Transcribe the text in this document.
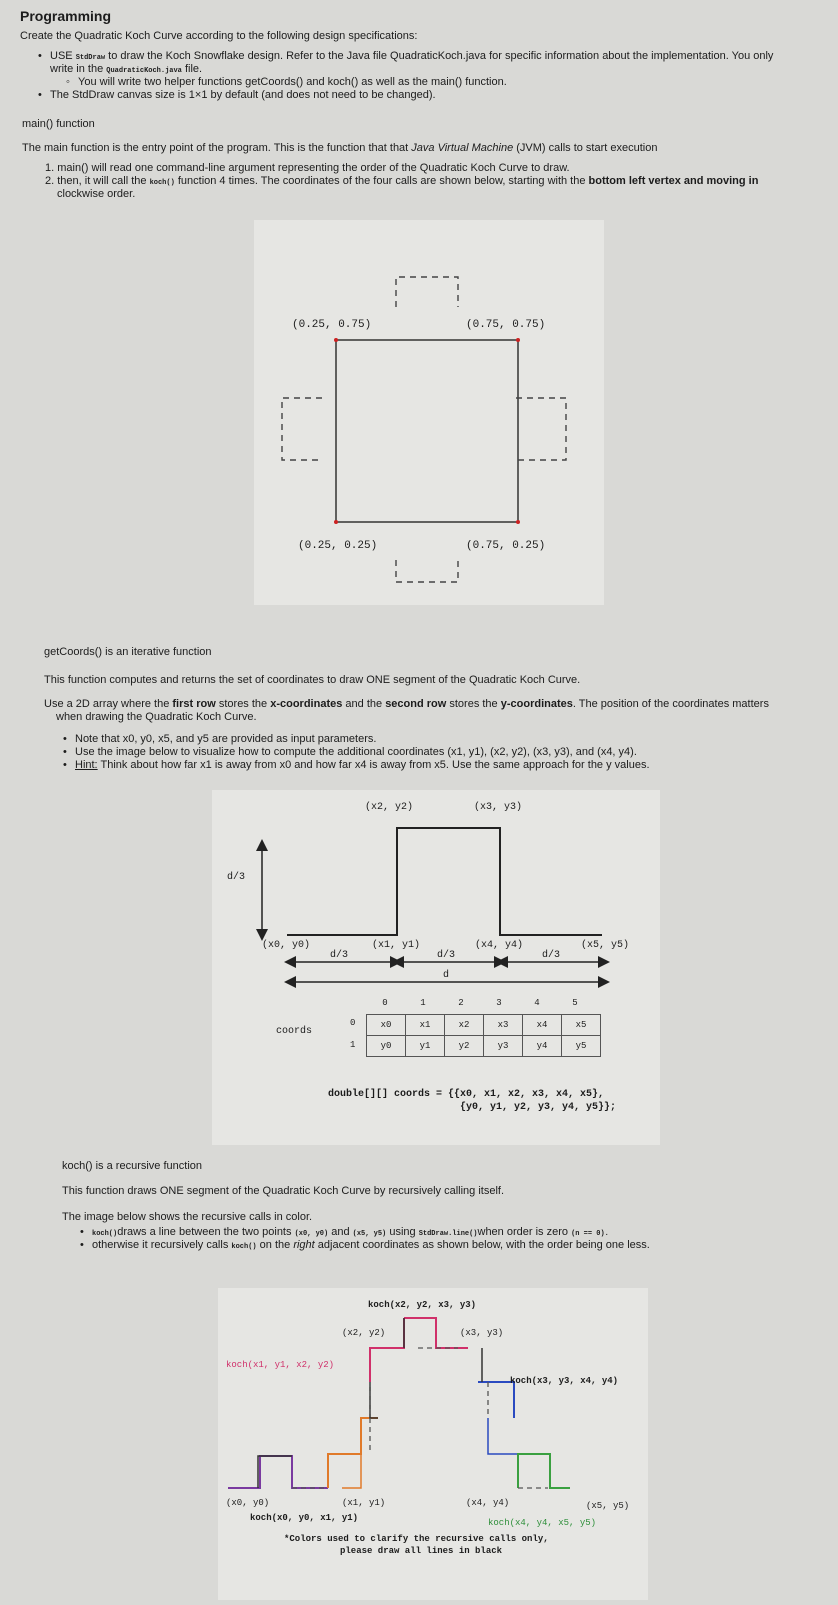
Programming
Create the Quadratic Koch Curve according to the following design specifications:
• USE StdDraw to draw the Koch Snowflake design. Refer to the Java file QuadraticKoch.java for specific information about the implementation. You only
write in the QuadraticKoch.java file.
◦ You will write two helper functions getCoords() and koch() as well as the main() function.
• The StdDraw canvas size is 1×1 by default (and does not need to be changed).
main() function
The main function is the entry point of the program. This is the function that that Java Virtual Machine (JVM) calls to start execution
1. main() will read one command-line argument representing the order of the Quadratic Koch Curve to draw.
2. then, it will call the koch() function 4 times. The coordinates of the four calls are shown below, starting with the bottom left vertex and moving in
clockwise order.
(0.25, 0.75)	(0.75, 0.75)
(0.25, 0.25)	(0.75, 0.25)
getCoords() is an iterative function
This function computes and returns the set of coordinates to draw ONE segment of the Quadratic Koch Curve.
Use a 2D array where the first row stores the x-coordinates and the second row stores the y-coordinates. The position of the coordinates matters
when drawing the Quadratic Koch Curve.
• Note that x0, y0, x5, and y5 are provided as input parameters.
• Use the image below to visualize how to compute the additional coordinates (x1, y1), (x2, y2), (x3, y3), and (x4, y4).
• Hint: Think about how far x1 is away from x0 and how far x4 is away from x5. Use the same approach for the y values.
d/3
(x2, y2)	(x3, y3)
(x0, y0)	(x1, y1)	(x4, y4)	(x5, y5)
d/3	d/3	d/3
d
0	1	2	3	4	5
coords
0
1
x0	x1	x2	x3	x4	x5
y0	y1	y2	y3	y4	y5
double[][] coords = {{x0, x1, x2, x3, x4, x5},
{y0, y1, y2, y3, y4, y5}};
koch() is a recursive function
This function draws ONE segment of the Quadratic Koch Curve by recursively calling itself.
The image below shows the recursive calls in color.
• koch()draws a line between the two points (x0, y0) and (x5, y5) using StdDraw.line()when order is zero (n == 0).
• otherwise it recursively calls koch() on the right adjacent coordinates as shown below, with the order being one less.
koch(x2, y2, x3, y3)
(x2, y2)	(x3, y3)
koch(x1, y1, x2, y2)
koch(x3, y3, x4, y4)
(x0, y0)	(x1, y1)	(x4, y4)	(x5, y5)
koch(x0, y0, x1, y1)	koch(x4, y4, x5, y5)
*Colors used to clarify the recursive calls only,
please draw all lines in black
